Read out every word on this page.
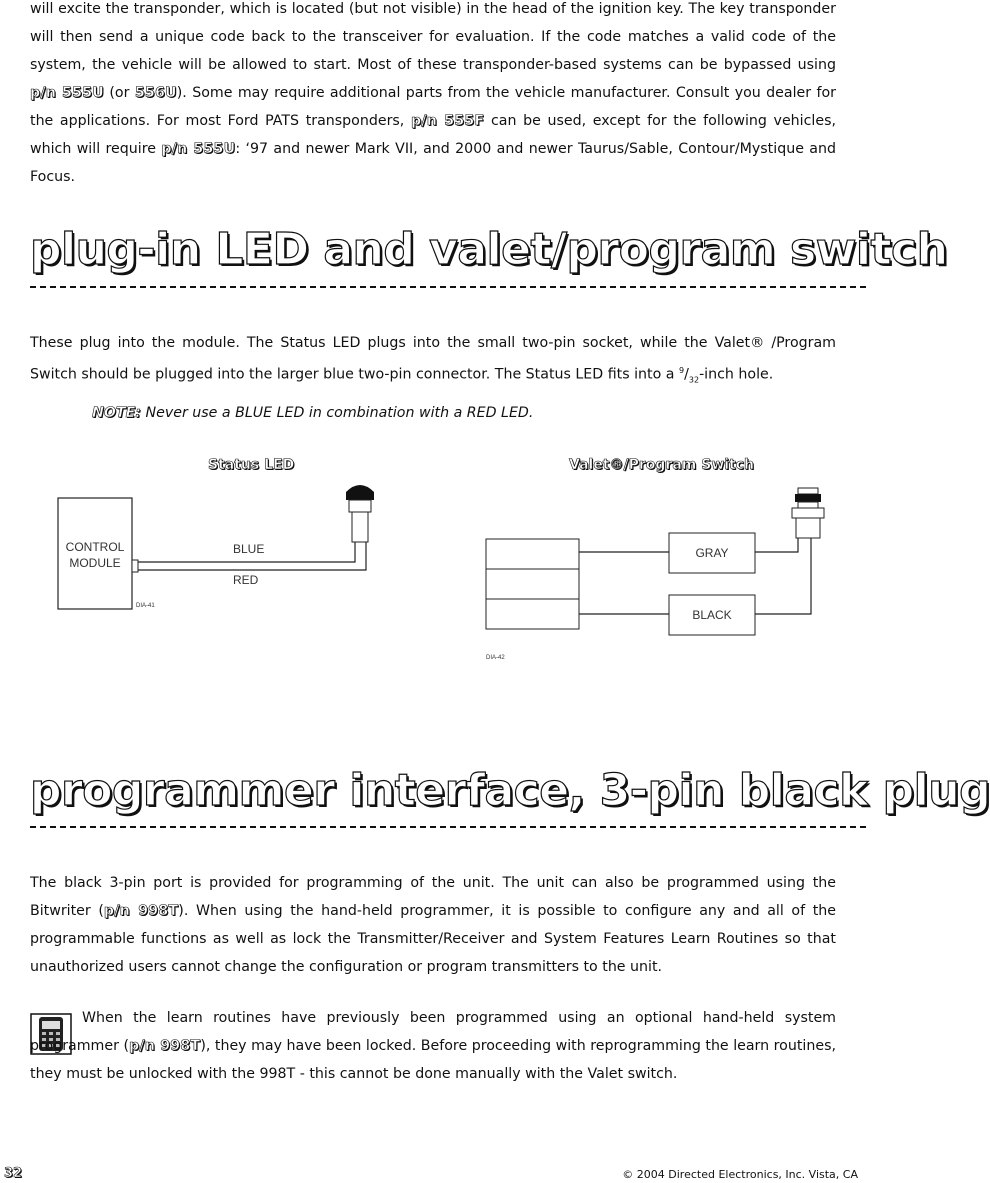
will excite the transponder, which is located (but not visible) in the head of the ignition key. The key transponder will then send a unique code back to the transceiver for evaluation. If the code matches a valid code of the system, the vehicle will be allowed to start. Most of these transponder-based systems can be bypassed using p/n 555U (or 556U). Some may require additional parts from the vehicle manufacturer. Consult you dealer for the applications. For most Ford PATS transponders, p/n 555F can be used, except for the following vehicles, which will require p/n 555U: ‘97 and newer Mark VII, and 2000 and newer Taurus/Sable, Contour/Mystique and Focus.

plug-in LED and valet/program switch

These plug into the module. The Status LED plugs into the small two-pin socket, while the Valet® /Program Switch should be plugged into the larger blue two-pin connector. The Status LED fits into a $^9/_{32}$-inch hole.

NOTE: Never use a BLUE LED in combination with a RED LED.
Status LED
CONTROL
MODULE
BLUE
RED
DIA-41
Valet®/Program Switch
GRAY
BLACK
DIA-42
programmer interface, 3-pin black plug

The black 3-pin port is provided for programming of the unit. The unit can also be programmed using the Bitwriter (p/n 998T). When using the hand-held programmer, it is possible to configure any and all of the programmable functions as well as lock the Transmitter/Receiver and System Features Learn Routines so that unauthorized users cannot change the configuration or program transmitters to the unit.

When the learn routines have previously been programmed using an optional hand-held system programmer (p/n 998T), they may have been locked. Before proceeding with reprogramming the learn routines, they must be unlocked with the 998T - this cannot be done manually with the Valet switch.

32	© 2004 Directed Electronics, Inc. Vista, CA
